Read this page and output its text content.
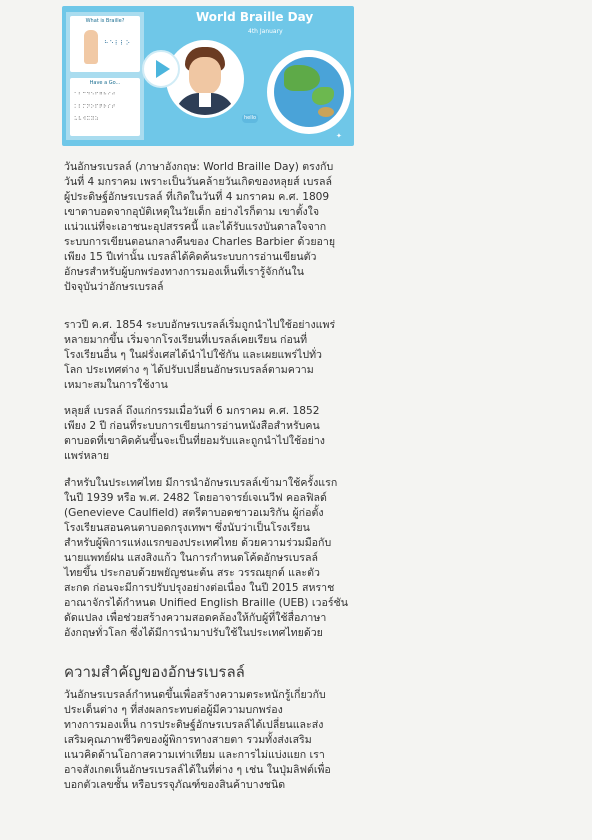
What is Braille?
⠓⠑⠇⠇⠕
Have a Go...
⠁⠃⠉⠙⠑⠋⠛⠓⠊⠚
⠅⠇⠍⠝⠕⠏⠟⠗⠎⠞
⠥⠧⠺⠭⠽⠵
World Braille Day
4th January
hello
✦

วันอักษรเบรลล์ (ภาษาอังกฤษ: World Braille Day) ตรงกับ
วันที่ 4 มกราคม เพราะเป็นวันคล้ายวันเกิดของหลุยส์ เบรลล์
ผู้ประดิษฐ์อักษรเบรลล์ ที่เกิดในวันที่ 4 มกราคม ค.ศ. 1809
เขาตาบอดจากอุบัติเหตุในวัยเด็ก อย่างไรก็ตาม เขาตั้งใจ
แน่วแน่ที่จะเอาชนะอุปสรรคนี้ และได้รับแรงบันดาลใจจาก
ระบบการเขียนตอนกลางคืนของ Charles Barbier ด้วยอายุ
เพียง 15 ปีเท่านั้น เบรลล์ได้คิดค้นระบบการอ่านเขียนตัว
อักษรสำหรับผู้บกพร่องทางการมองเห็นที่เรารู้จักกันใน
ปัจจุบันว่าอักษรเบรลล์

ราวปี ค.ศ. 1854 ระบบอักษรเบรลล์เริ่มถูกนำไปใช้อย่างแพร่
หลายมากขึ้น เริ่มจากโรงเรียนที่เบรลล์เคยเรียน ก่อนที่
โรงเรียนอื่น ๆ ในฝรั่งเศสได้นำไปใช้กัน และเผยแพร่ไปทั่ว
โลก ประเทศต่าง ๆ ได้ปรับเปลี่ยนอักษรเบรลล์ตามความ
เหมาะสมในการใช้งาน

หลุยส์ เบรลล์ ถึงแก่กรรมเมื่อวันที่ 6 มกราคม ค.ศ. 1852
เพียง 2 ปี ก่อนที่ระบบการเขียนการอ่านหนังสือสำหรับคน
ตาบอดที่เขาคิดค้นขึ้นจะเป็นที่ยอมรับและถูกนำไปใช้อย่าง
แพร่หลาย

สำหรับในประเทศไทย มีการนำอักษรเบรลล์เข้ามาใช้ครั้งแรก
ในปี 1939 หรือ พ.ศ. 2482 โดยอาจารย์เจเนวีฟ คอลฟิลด์
(Genevieve Caulfield) สตรีตาบอดชาวอเมริกัน ผู้ก่อตั้ง
โรงเรียนสอนคนตาบอดกรุงเทพฯ ซึ่งนับว่าเป็นโรงเรียน
สำหรับผู้พิการแห่งแรกของประเทศไทย ด้วยความร่วมมือกับ
นายแพทย์ฝน แสงสิงแก้ว ในการกำหนดโค้ดอักษรเบรลล์
ไทยขึ้น ประกอบด้วยพยัญชนะต้น สระ วรรณยุกต์ และตัว
สะกด ก่อนจะมีการปรับปรุงอย่างต่อเนื่อง ในปี 2015 สหราช
อาณาจักรได้กำหนด Unified English Braille (UEB) เวอร์ชัน
ดัดแปลง เพื่อช่วยสร้างความสอดคล้องให้กับผู้ที่ใช้สื่อภาษา
อังกฤษทั่วโลก ซึ่งได้มีการนำมาปรับใช้ในประเทศไทยด้วย

ความสำคัญของอักษรเบรลล์

วันอักษรเบรลล์กำหนดขึ้นเพื่อสร้างความตระหนักรู้เกี่ยวกับ
ประเด็นต่าง ๆ ที่ส่งผลกระทบต่อผู้มีความบกพร่อง
ทางการมองเห็น การประดิษฐ์อักษรเบรลล์ได้เปลี่ยนและส่ง
เสริมคุณภาพชีวิตของผู้พิการทางสายตา รวมทั้งส่งเสริม
แนวคิดด้านโอกาสความเท่าเทียม และการไม่แบ่งแยก เรา
อาจสังเกตเห็นอักษรเบรลล์ได้ในที่ต่าง ๆ เช่น ในปุ่มลิฟต์เพื่อ
บอกตัวเลขชั้น หรือบรรจุภัณฑ์ของสินค้าบางชนิด
